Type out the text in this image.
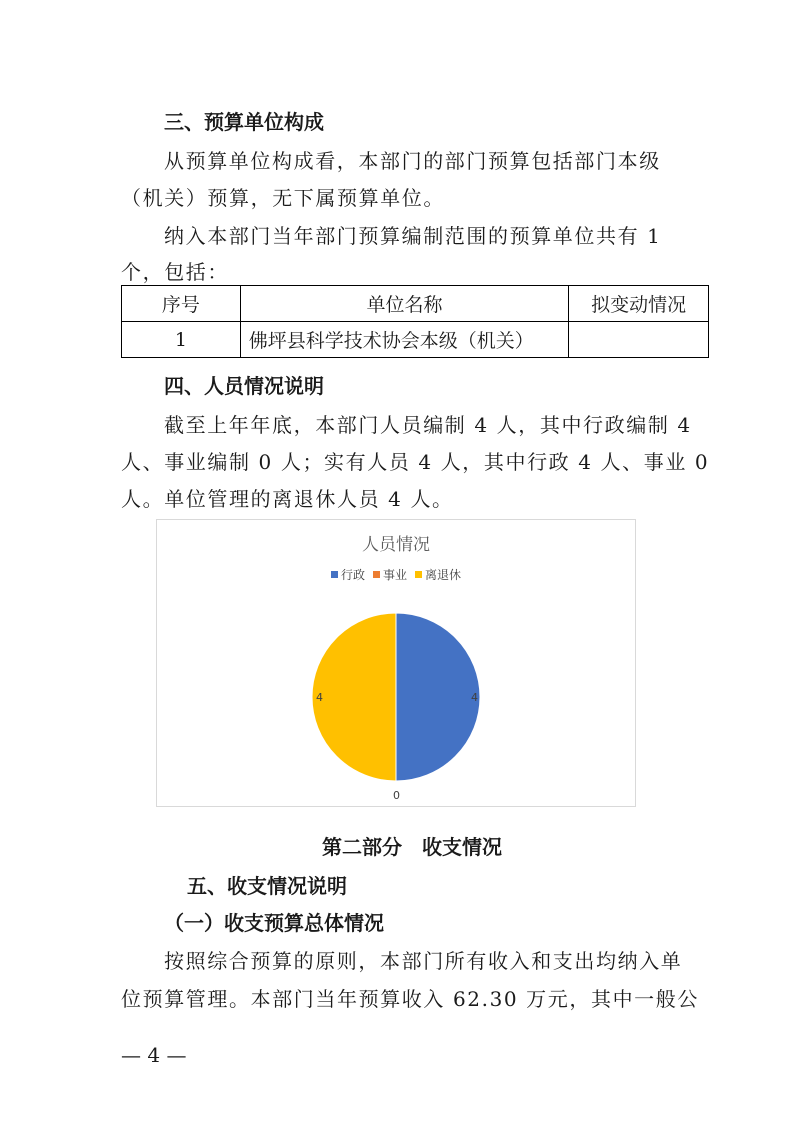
三、预算单位构成
从预算单位构成看，本部门的部门预算包括部门本级
（机关）预算，无下属预算单位。
纳入本部门当年部门预算编制范围的预算单位共有 1
个，包括：
序号	单位名称	拟变动情况
1	佛坪县科学技术协会本级（机关）	
四、人员情况说明
截至上年年底，本部门人员编制 4 人，其中行政编制 4
人、事业编制 0 人；实有人员 4 人，其中行政 4 人、事业 0
人。单位管理的离退休人员 4 人。
人员情况
行政 事业 离退休
4
0
4
第二部分　收支情况
五、收支情况说明
（一）收支预算总体情况
按照综合预算的原则，本部门所有收入和支出均纳入单
位预算管理。本部门当年预算收入 62.30 万元，其中一般公
— 4 —
